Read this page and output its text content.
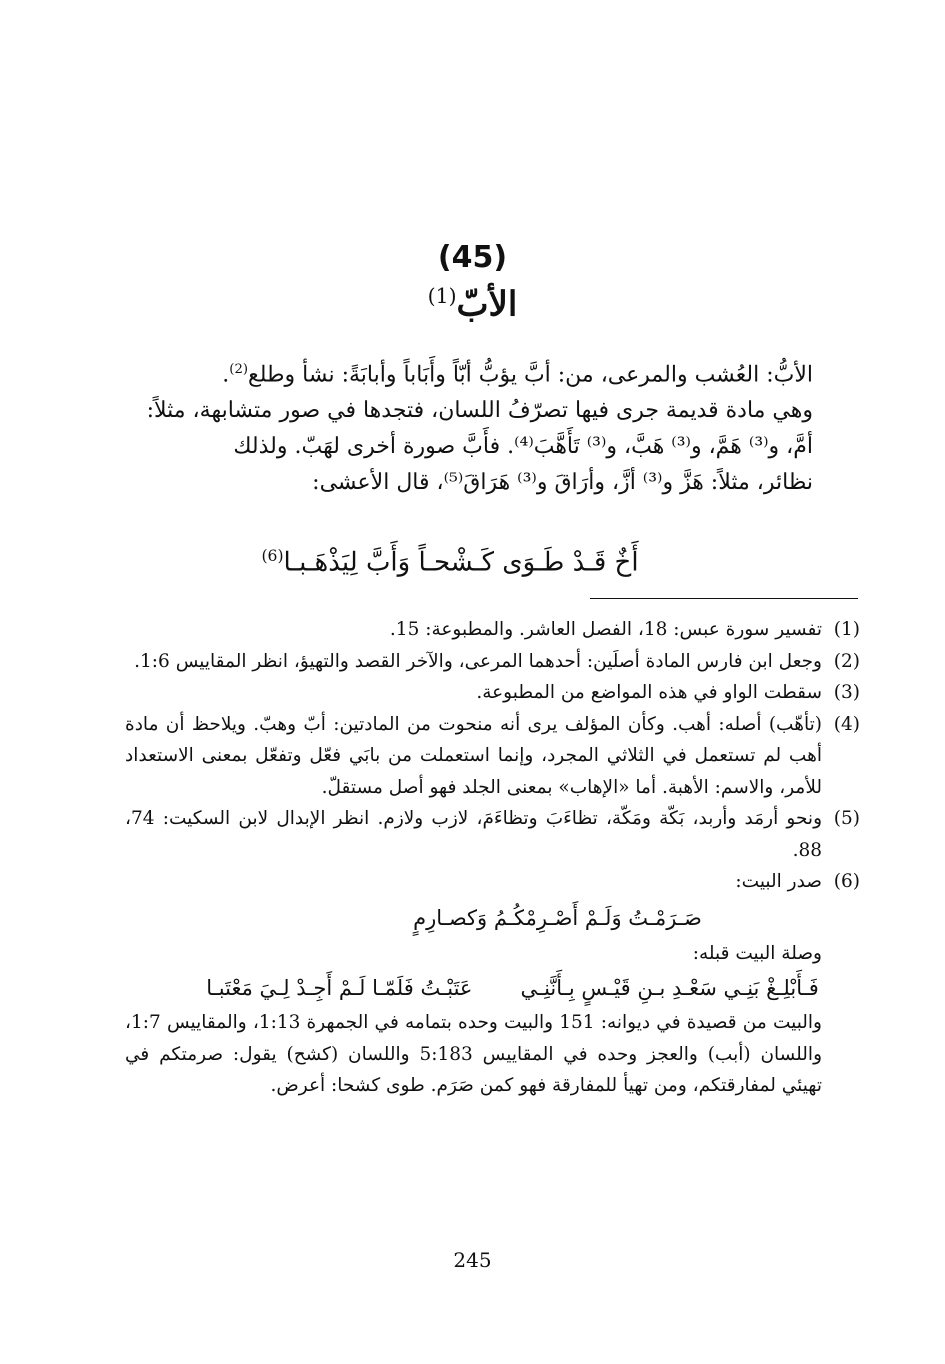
(45)
الأبّ$^{(1)}$

الأبُّ: العُشب والمرعى، من: أبَّ يؤبُّ أبّاً وأَبَاباً وأبابَةً: نشأ وطلع$^{(2)}$.

وهي مادة قديمة جرى فيها تصرّفُ اللسان، فتجدها في صور متشابهة، مثلاً:

أمَّ، و⁽³⁾ هَمَّ، و⁽³⁾ هَبَّ، و⁽³⁾ تَأَهَّبَ⁽⁴⁾. فأَبَّ صورة أخرى لهَبّ. ولذلك

نظائر، مثلاً: هَزَّ و⁽³⁾ أزَّ، وأرَاقَ و⁽³⁾ هَرَاقَ⁽⁵⁾، قال الأعشى:

أَخٌ قَـدْ طَـوَى كَـشْحـاً وَأَبَّ لِيَذْهَـبـا$^{(6)}$
(1)
تفسير سورة عبس: 18، الفصل العاشر. والمطبوعة: 15.
(2)
وجعل ابن فارس المادة أصلَين: أحدهما المرعى، والآخر القصد والتهيؤ، انظر المقاييس 1:6.
(3)
سقطت الواو في هذه المواضع من المطبوعة.
(4)
(تأهّب) أصله: أهب. وكأن المؤلف يرى أنه منحوت من المادتين: أبّ وهبّ. ويلاحظ أن مادة أهب لم تستعمل في الثلاثي المجرد، وإنما استعملت من بابَي فعّل وتفعّل بمعنى الاستعداد للأمر، والاسم: الأهبة. أما «الإهاب» بمعنى الجلد فهو أصل مستقلّ.
(5)
ونحو أرمَد وأربد، بَكّة ومَكّة، تظاءَبَ وتظاءَمَ، لازب ولازم. انظر الإبدال لابن السكيت: 74، 88.
(6)
صدر البيت:
صَـرَمْـتُ وَلَـمْ أَصْـرِمْكُـمُ وَكصـارِمٍ
وصلة البيت قبله:
فَـأَبْلِـغْ بَنِـي سَعْـدِ بـنِ قَيْـسٍ بِـأَنَّنِـي
عَتَبْـتُ فَلَمّـا لَـمْ أَجِـدْ لِـيَ مَعْتَبـا
والبيت من قصيدة في ديوانه: 151 والبيت وحده بتمامه في الجمهرة 1:13، والمقاييس 1:7، واللسان (أبب) والعجز وحده في المقاييس 5:183 واللسان (كشح) يقول: صرمتكم في تهيئي لمفارقتكم، ومن تهيأ للمفارقة فهو كمن صَرَم. طوى كشحا: أعرض.
245
